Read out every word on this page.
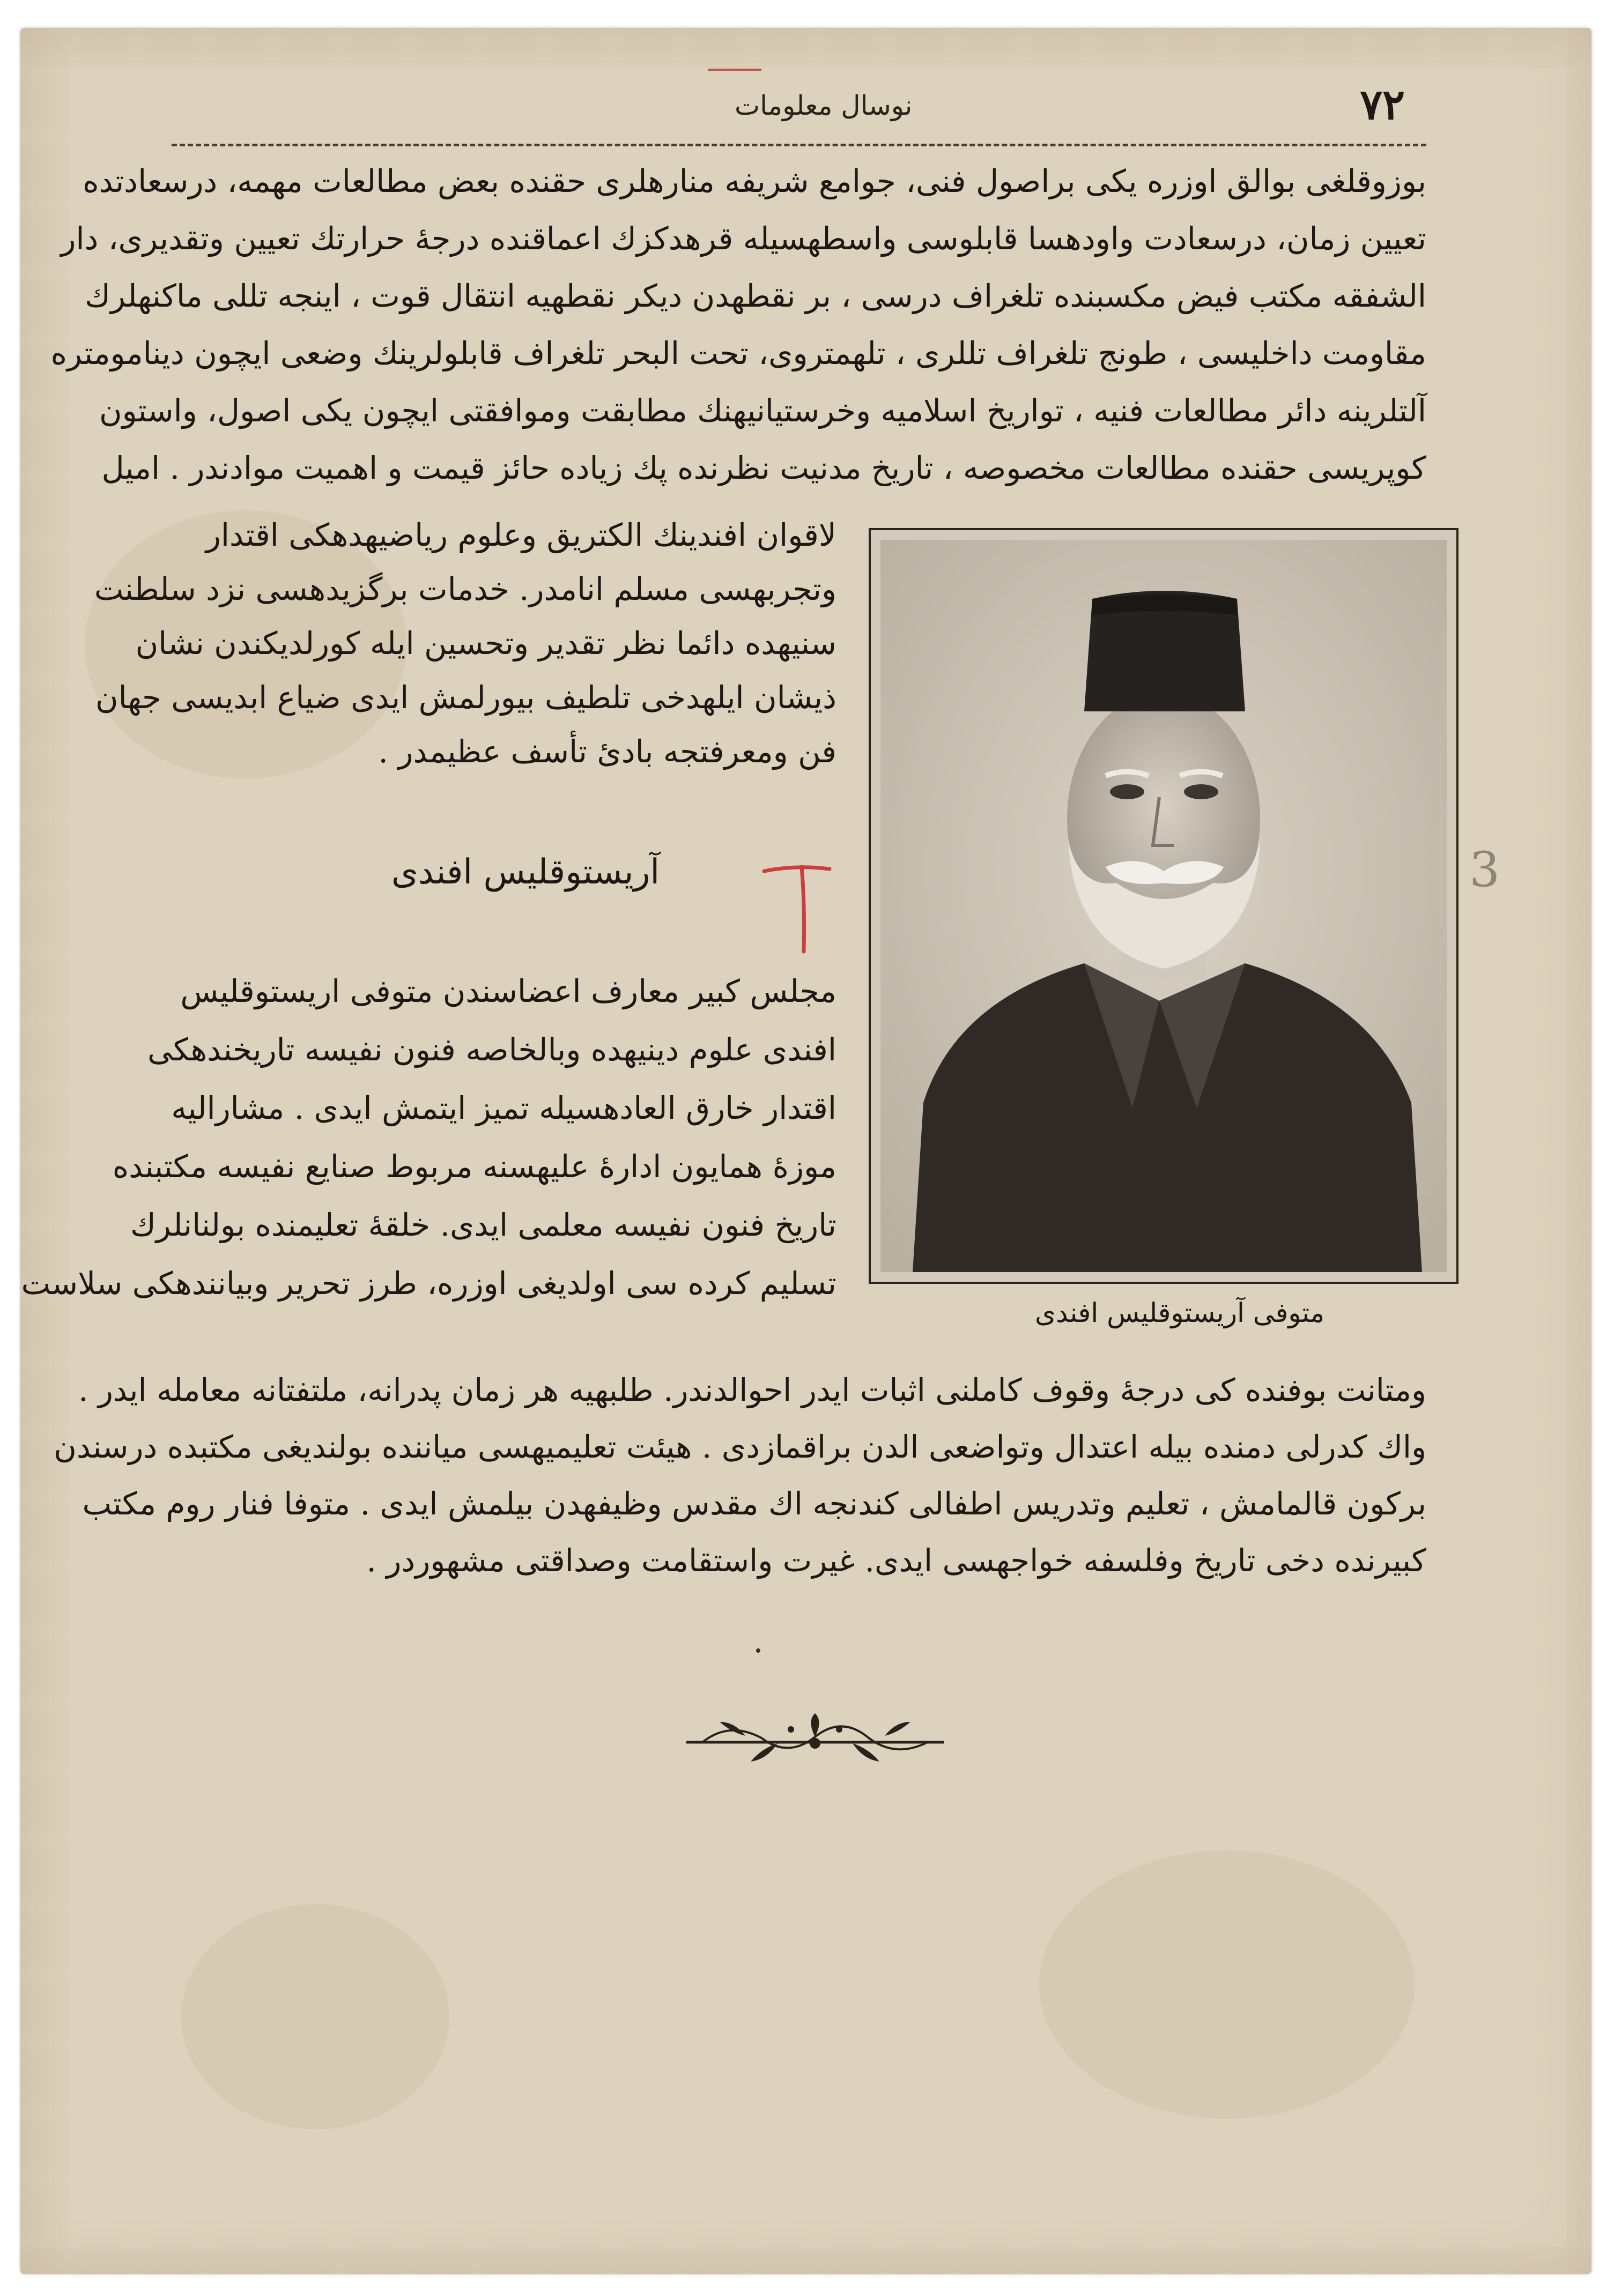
نوسال معلومات	٧٢
بوزوقلغی بوالق اوزره یکی براصول فنی، جوامع شریفه منارهلری حقنده بعض مطالعات مهمه، درسعادتده
تعیین زمان، درسعادت واودهسا قابلوسی واسطهسیله قرهدکزك اعماقنده درجهٔ حرارتك تعیین وتقدیری، دار
الشفقه مکتب فیض مکسبنده تلغراف درسی ، بر نقطهدن دیکر نقطهیه انتقال قوت ، اینجه تللی ماکنهلرك
مقاومت داخلیسی ، طونج تلغراف تللری ، تلهمتروی، تحت البحر تلغراف قابلولرینك وضعی ایچون دینامومتره
آلتلرینه دائر مطالعات فنیه ، تواریخ اسلامیه وخرستیانیهنك مطابقت وموافقتی ایچون یکی اصول، واستون
کوپریسی حقنده مطالعات مخصوصه ، تاریخ مدنیت نظرنده پك زیاده حائز قیمت و اهمیت موادندر . امیل
لاقوان افندینك الکتریق وعلوم ریاضیهدهکی اقتدار
وتجربهسی مسلم انامدر. خدمات برگزیدهسی نزد سلطنت
سنیهده دائما نظر تقدیر وتحسین ایله کورلدیکندن نشان
ذیشان ایلهدخی تلطیف بیورلمش ایدی ضیاع ابدیسی جهان
فن ومعرفتجه بادئ تأسف عظیمدر .
آریستوقلیس افندی
مجلس کبیر معارف اعضاسندن متوفی اریستوقلیس
افندی علوم دینیهده وبالخاصه فنون نفیسه تاریخندهکی
اقتدار خارق العادهسیله تمیز ایتمش ایدی . مشارالیه
موزهٔ همایون ادارهٔ علیهسنه مربوط صنایع نفیسه مکتبنده
تاریخ فنون نفیسه معلمی ایدی. خلقهٔ تعلیمنده بولنانلرك
تسلیم کرده سی اولدیغی اوزره، طرز تحریر وبیانندهکی سلاست
متوفی آریستوقلیس افندی
3
ومتانت بوفنده کی درجهٔ وقوف کاملنی اثبات ایدر احوالدندر. طلبهیه هر زمان پدرانه، ملتفتانه معامله ایدر .
واك کدرلی دمنده بیله اعتدال وتواضعی الدن براقمازدی . هیئت تعلیمیهسی میاننده بولندیغی مکتبده درسندن
برکون قالمامش ، تعلیم وتدریس اطفالی کندنجه اك مقدس وظیفهدن بیلمش ایدی . متوفا فنار روم مکتب
کبیرنده دخی تاریخ وفلسفه خواجهسی ایدی. غیرت واستقامت وصداقتی مشهوردر .
